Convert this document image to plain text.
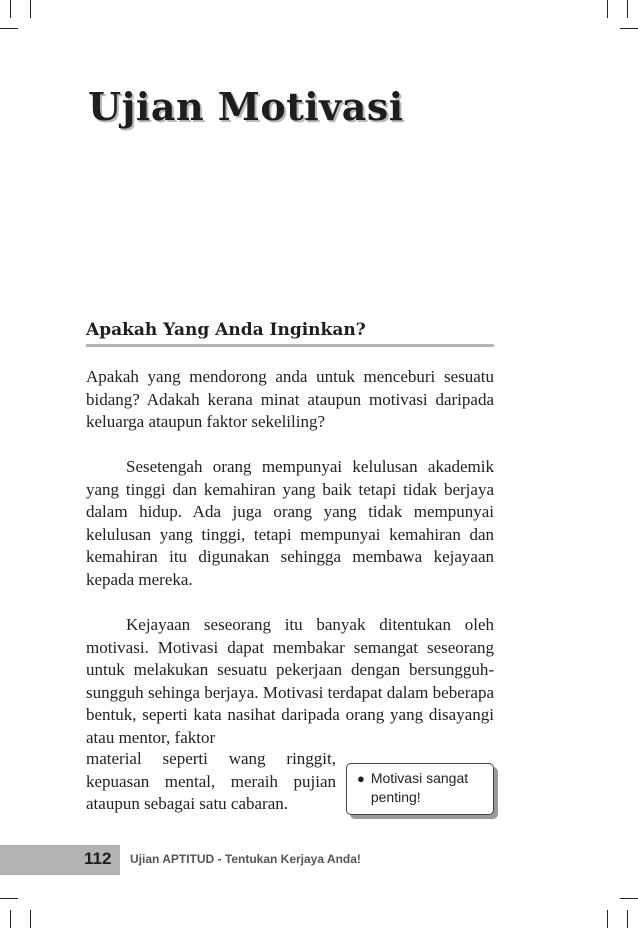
Ujian Motivasi
Apakah Yang Anda Inginkan?

Apakah yang mendorong anda untuk menceburi sesuatu bidang? Adakah kerana minat ataupun motivasi daripada keluarga ataupun faktor sekeliling?

Sesetengah orang mempunyai kelulusan akademik yang tinggi dan kemahiran yang baik tetapi tidak berjaya dalam hidup. Ada juga orang yang tidak mempunyai kelulusan yang tinggi, tetapi mempunyai kemahiran dan kemahiran itu digunakan sehingga membawa kejayaan kepada mereka.

Kejayaan seseorang itu banyak ditentukan oleh motivasi. Motivasi dapat membakar semangat seseorang untuk melakukan sesuatu pekerjaan dengan bersungguh-sungguh sehinga berjaya. Motivasi terdapat dalam beberapa bentuk, seperti kata nasihat daripada orang yang disayangi atau mentor, faktor

material seperti wang ringgit, kepuasan mental, meraih pujian ataupun sebagai satu cabaran.

● Motivasi sangat penting!

112 Ujian APTITUD - Tentukan Kerjaya Anda!
